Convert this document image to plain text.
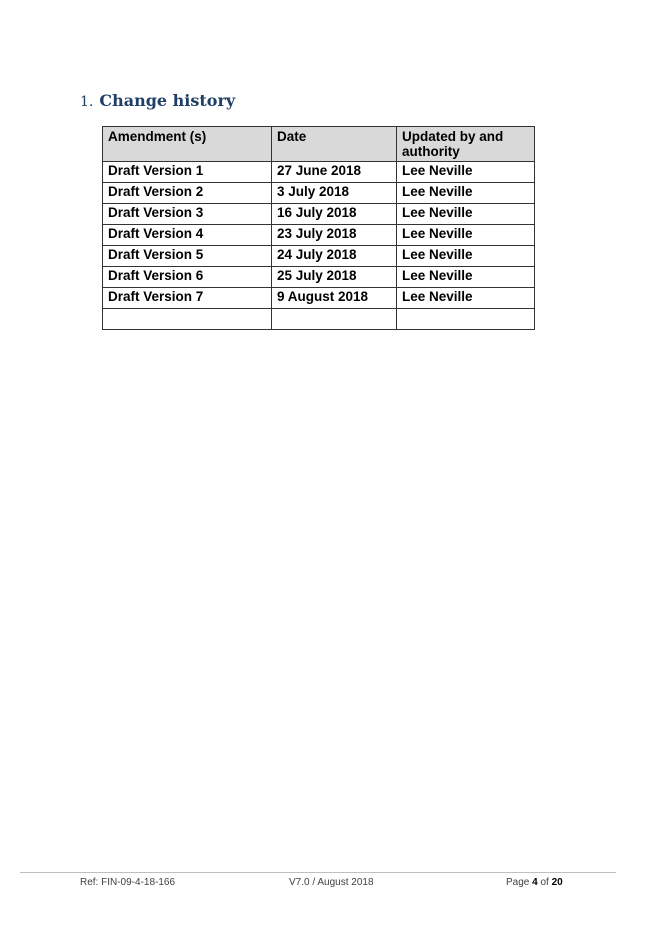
1. Change history
Amendment (s)	Date	Updated by and authority
Draft Version 1	27 June 2018	Lee Neville
Draft Version 2	3 July 2018	Lee Neville
Draft Version 3	16 July 2018	Lee Neville
Draft Version 4	23 July 2018	Lee Neville
Draft Version 5	24 July 2018	Lee Neville
Draft Version 6	25 July 2018	Lee Neville
Draft Version 7	9 August 2018	Lee Neville

Ref: FIN-09-4-18-166	V7.0 / August 2018	Page 4 of 20
